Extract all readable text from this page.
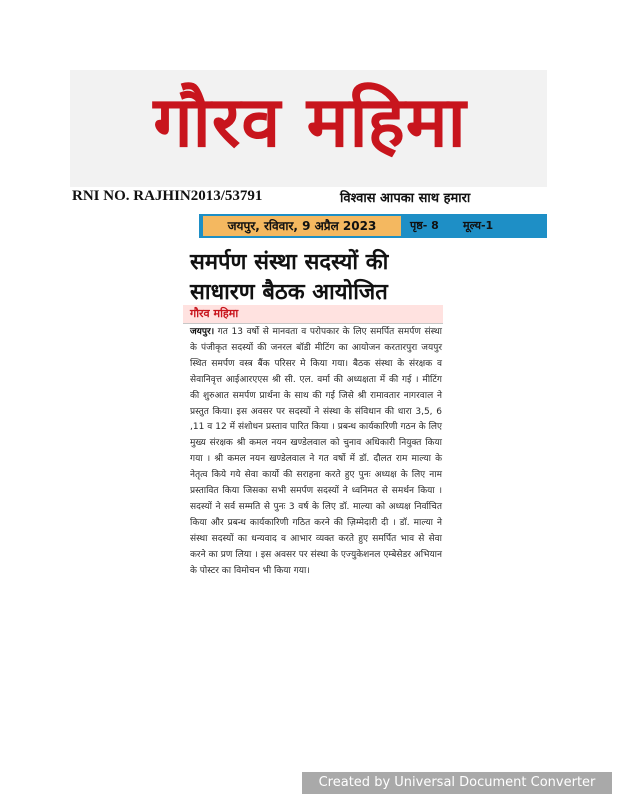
गौरव महिमा
RNI NO. RAJHIN2013/53791	विश्वास आपका साथ हमारा
जयपुर, रविवार, 9 अप्रैल 2023	पृष्ठ- 8 मूल्य-1
समर्पण संस्था सदस्यों की साधारण बैठक आयोजित
गौरव महिमा
जयपुर। गत 13 वर्षो से मानवता व परोपकार के लिए समर्पित समर्पण संस्था के पंजीकृत सदस्यों की जनरल बॉडी मीटिंग का आयोजन करतारपुरा जयपुर स्थित समर्पण वस्त्र बैंक परिसर मे किया गया। बैठक संस्था के संरक्षक व सेवानिवृत्त आईआरएएस श्री सी. एल. वर्मा की अध्यक्षता में की गई । मीटिंग की शुरुआत समर्पण प्रार्थना के साथ की गई जिसे श्री रामावतार नागरवाल ने प्रस्तुत किया। इस अवसर पर सदस्यों ने संस्था के संविधान की धारा 3,5, 6 ,11 व 12 में संशोधन प्रस्ताव पारित किया । प्रबन्ध कार्यकारिणी गठन के लिए मुख्य संरक्षक श्री कमल नयन खण्डेलवाल को चुनाव अधिकारी नियुक्त किया गया । श्री कमल नयन खण्डेलवाल ने गत वर्षो में डॉ. दौलत राम माल्या के नेतृत्व किये गये सेवा कार्यो की सराहना करते हुए पुनः अध्यक्ष के लिए नाम प्रस्तावित किया जिसका सभी समर्पण सदस्यों ने ध्वनिमत से समर्थन किया । सदस्यों ने सर्व सम्मति से पुनः 3 वर्ष के लिए डॉ. माल्या को अध्यक्ष निर्वाचित किया और प्रबन्ध कार्यकारिणी गठित करने की ज़िम्मेदारी दी । डॉ. माल्या ने संस्था सदस्यों का धन्यवाद व आभार व्यक्त करते हुए समर्पित भाव से सेवा करने का प्रण लिया । इस अवसर पर संस्था के एज्युकेशनल एम्बेसेडर अभियान के पोस्टर का विमोचन भी किया गया।
Created by Universal Document Converter
